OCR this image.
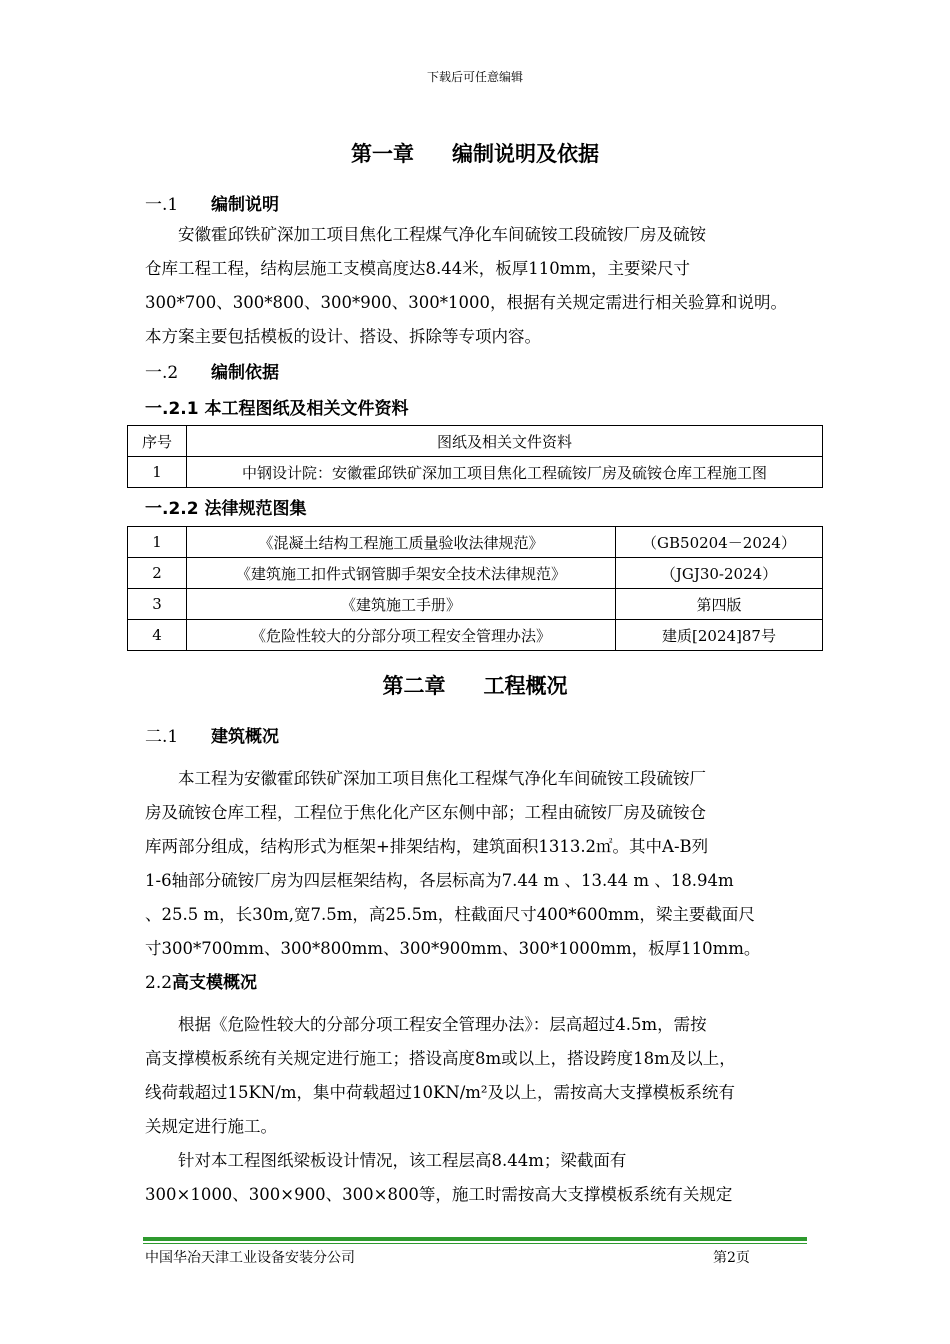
下载后可任意编辑
第一章 编制说明及依据
一.1 编制说明
　　安徽霍邱铁矿深加工项目焦化工程煤气净化车间硫铵工段硫铵厂房及硫铵
仓库工程工程，结构层施工支模高度达8.44米，板厚110mm，主要梁尺寸
300*700、300*800、300*900、300*1000，根据有关规定需进行相关验算和说明。
本方案主要包括模板的设计、搭设、拆除等专项内容。
一.2 编制依据
一.2.1 本工程图纸及相关文件资料
序号	图纸及相关文件资料
1	中钢设计院：安徽霍邱铁矿深加工项目焦化工程硫铵厂房及硫铵仓库工程施工图
一.2.2 法律规范图集
1	《混凝土结构工程施工质量验收法律规范》	（GB50204－2024）
2	《建筑施工扣件式钢管脚手架安全技术法律规范》	（JGJ30-2024）
3	《建筑施工手册》	第四版
4	《危险性较大的分部分项工程安全管理办法》	建质[2024]87号
第二章 工程概况
二.1 建筑概况
　　本工程为安徽霍邱铁矿深加工项目焦化工程煤气净化车间硫铵工段硫铵厂
房及硫铵仓库工程，工程位于焦化化产区东侧中部；工程由硫铵厂房及硫铵仓
库两部分组成，结构形式为框架+排架结构，建筑面积1313.2㎡。其中A-B列
1-6轴部分硫铵厂房为四层框架结构，各层标高为7.44 m 、13.44 m 、18.94m
、25.5 m，长30m,宽7.5m，高25.5m，柱截面尺寸400*600mm，梁主要截面尺
寸300*700mm、300*800mm、300*900mm、300*1000mm，板厚110mm。
2.2高支模概况
　　根据《危险性较大的分部分项工程安全管理办法》：层高超过4.5m，需按
高支撑模板系统有关规定进行施工；搭设高度8m或以上，搭设跨度18m及以上，
线荷载超过15KN/m，集中荷载超过10KN/m²及以上，需按高大支撑模板系统有
关规定进行施工。
　　针对本工程图纸梁板设计情况，该工程层高8.44m；梁截面有
300×1000、300×900、300×800等，施工时需按高大支撑模板系统有关规定
中国华冶天津工业设备安装分公司	第2页
